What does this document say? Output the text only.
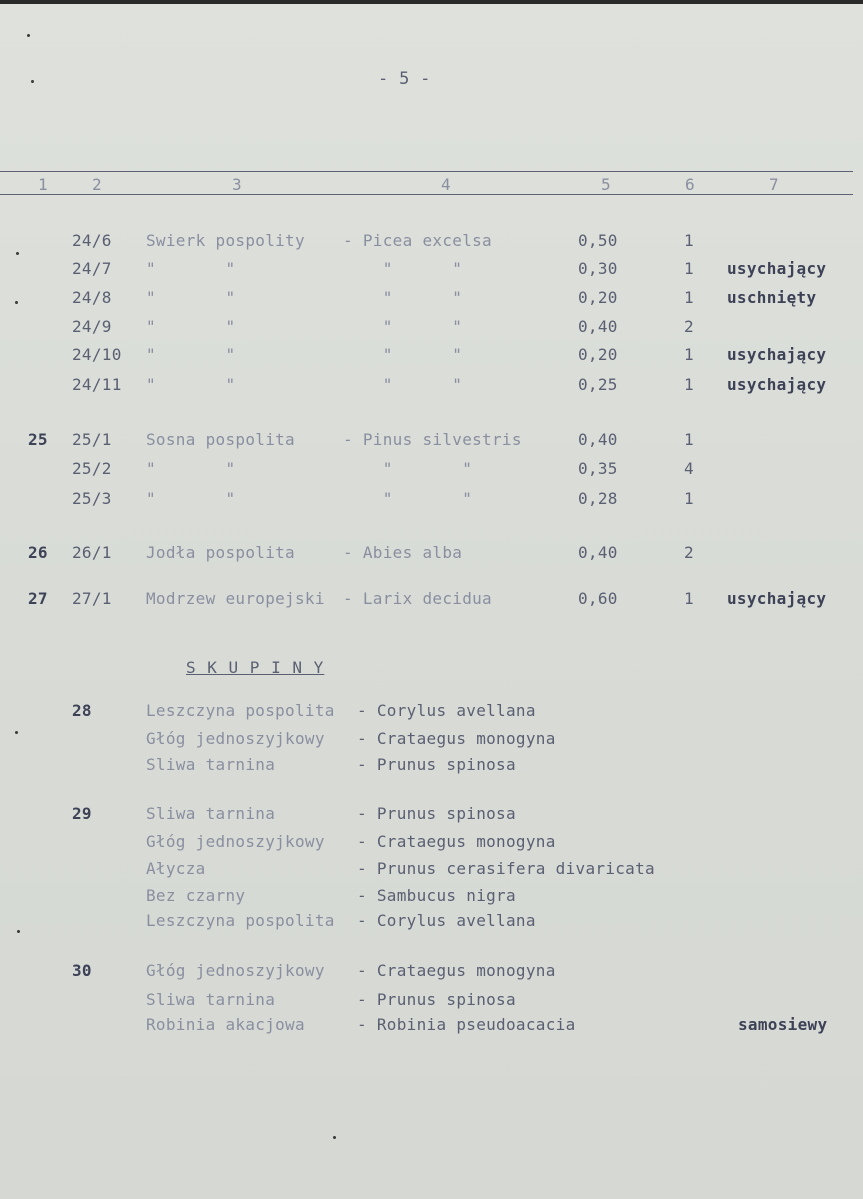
- 5 -
1	2	3	4	5	6	7
24/6 Swierk pospolity - Picea excelsa	0,50	1
24/7 "       "	"      "	0,30	1 usychający
24/8 "       "	"      "	0,20	1 uschnięty
24/9 "       "	"      "	0,40	2
24/10 "       "	"      "	0,20	1 usychający
24/11 "       "	"      "	0,25	1 usychający
25 25/1 Sosna pospolita	- Pinus silvestris	0,40	1
25/2 "       "	"       "	0,35	4
25/3 "       "	"       "	0,28	1
26 26/1 Jodła pospolita	- Abies alba	0,40	2
27 27/1 Modrzew europejski - Larix decidua	0,60	1 usychający
S K U P I N Y
28	Leszczyna pospolita - Corylus avellana
Głóg jednoszyjkowy - Crataegus monogyna
Sliwa tarnina	- Prunus spinosa
29	Sliwa tarnina	- Prunus spinosa
Głóg jednoszyjkowy - Crataegus monogyna
Ałycza	- Prunus cerasifera divaricata
Bez czarny	- Sambucus nigra
Leszczyna pospolita - Corylus avellana
30	Głóg jednoszyjkowy - Crataegus monogyna
Sliwa tarnina	- Prunus spinosa
Robinia akacjowa	- Robinia pseudoacacia	samosiewy
